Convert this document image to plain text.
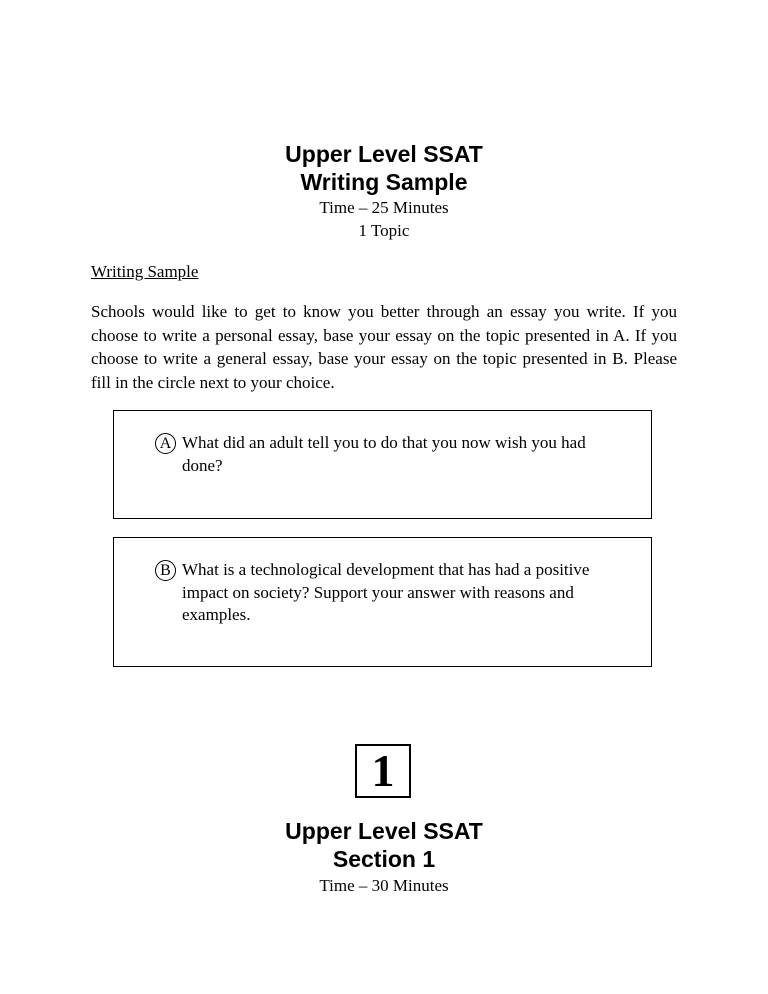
Upper Level SSAT
Writing Sample
Time – 25 Minutes
1 Topic
Writing Sample

Schools would like to get to know you better through an essay you write. If you choose to write a personal essay, base your essay on the topic presented in A. If you choose to write a general essay, base your essay on the topic presented in B. Please fill in the circle next to your choice.

A What did an adult tell you to do that you now wish you had done?
B What is a technological development that has had a positive impact on society? Support your answer with reasons and examples.
1
Upper Level SSAT
Section 1
Time – 30 Minutes
